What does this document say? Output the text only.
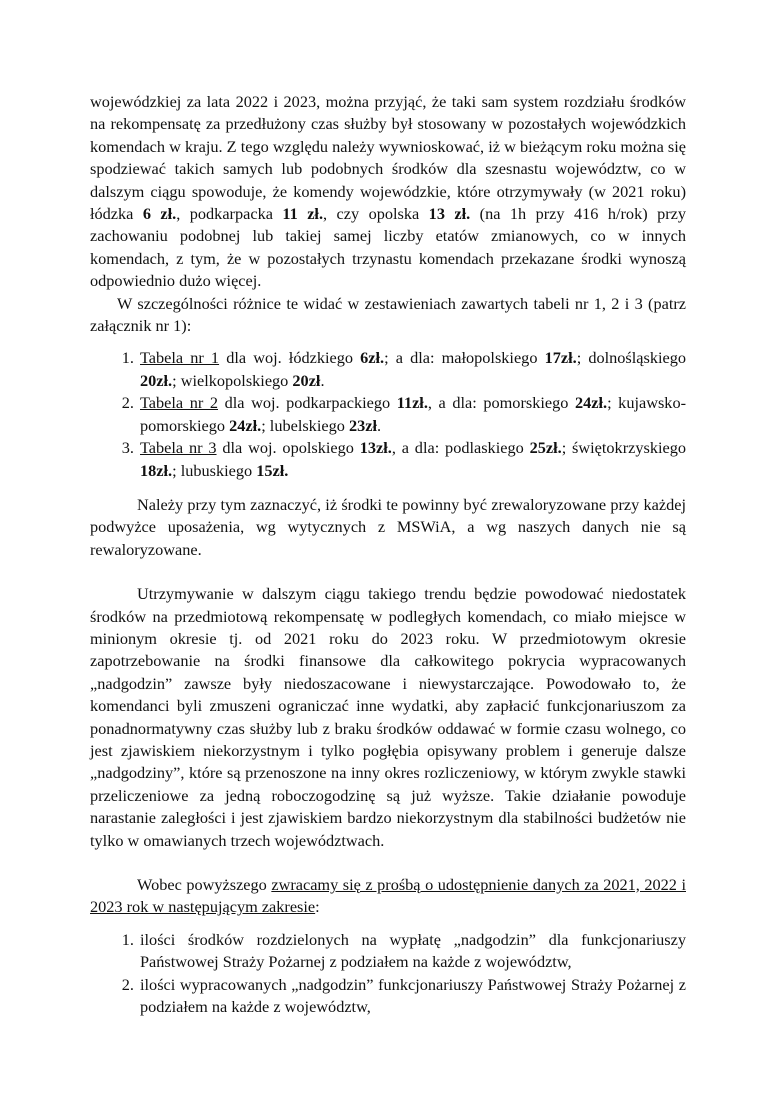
wojewódzkiej za lata 2022 i 2023, można przyjąć, że taki sam system rozdziału środków na rekompensatę za przedłużony czas służby był stosowany w pozostałych wojewódzkich komendach w kraju. Z tego względu należy wywnioskować, iż w bieżącym roku można się spodziewać takich samych lub podobnych środków dla szesnastu województw, co w dalszym ciągu spowoduje, że komendy wojewódzkie, które otrzymywały (w 2021 roku) łódzka 6 zł., podkarpacka 11 zł., czy opolska 13 zł. (na 1h przy 416 h/rok) przy zachowaniu podobnej lub takiej samej liczby etatów zmianowych, co w innych komendach, z tym, że w pozostałych trzynastu komendach przekazane środki wynoszą odpowiednio dużo więcej.

W szczególności różnice te widać w zestawieniach zawartych tabeli nr 1, 2 i 3 (patrz załącznik nr 1):

1. Tabela nr 1 dla woj. łódzkiego 6zł.; a dla: małopolskiego 17zł.; dolnośląskiego 20zł.; wielkopolskiego 20zł.
2. Tabela nr 2 dla woj. podkarpackiego 11zł., a dla: pomorskiego 24zł.; kujawsko-pomorskiego 24zł.; lubelskiego 23zł.
3. Tabela nr 3 dla woj. opolskiego 13zł., a dla: podlaskiego 25zł.; świętokrzyskiego 18zł.; lubuskiego 15zł.

Należy przy tym zaznaczyć, iż środki te powinny być zrewaloryzowane przy każdej podwyżce uposażenia, wg wytycznych z MSWiA, a wg naszych danych nie są rewaloryzowane.

Utrzymywanie w dalszym ciągu takiego trendu będzie powodować niedostatek środków na przedmiotową rekompensatę w podległych komendach, co miało miejsce w minionym okresie tj. od 2021 roku do 2023 roku. W przedmiotowym okresie zapotrzebowanie na środki finansowe dla całkowitego pokrycia wypracowanych „nadgodzin” zawsze były niedoszacowane i niewystarczające. Powodowało to, że komendanci byli zmuszeni ograniczać inne wydatki, aby zapłacić funkcjonariuszom za ponadnormatywny czas służby lub z braku środków oddawać w formie czasu wolnego, co jest zjawiskiem niekorzystnym i tylko pogłębia opisywany problem i generuje dalsze „nadgodziny”, które są przenoszone na inny okres rozliczeniowy, w którym zwykle stawki przeliczeniowe za jedną roboczogodzinę są już wyższe. Takie działanie powoduje narastanie zaległości i jest zjawiskiem bardzo niekorzystnym dla stabilności budżetów nie tylko w omawianych trzech województwach.

Wobec powyższego zwracamy się z prośbą o udostępnienie danych za 2021, 2022 i 2023 rok w następującym zakresie:

1. ilości środków rozdzielonych na wypłatę „nadgodzin” dla funkcjonariuszy Państwowej Straży Pożarnej z podziałem na każde z województw,
2. ilości wypracowanych „nadgodzin” funkcjonariuszy Państwowej Straży Pożarnej z podziałem na każde z województw,
